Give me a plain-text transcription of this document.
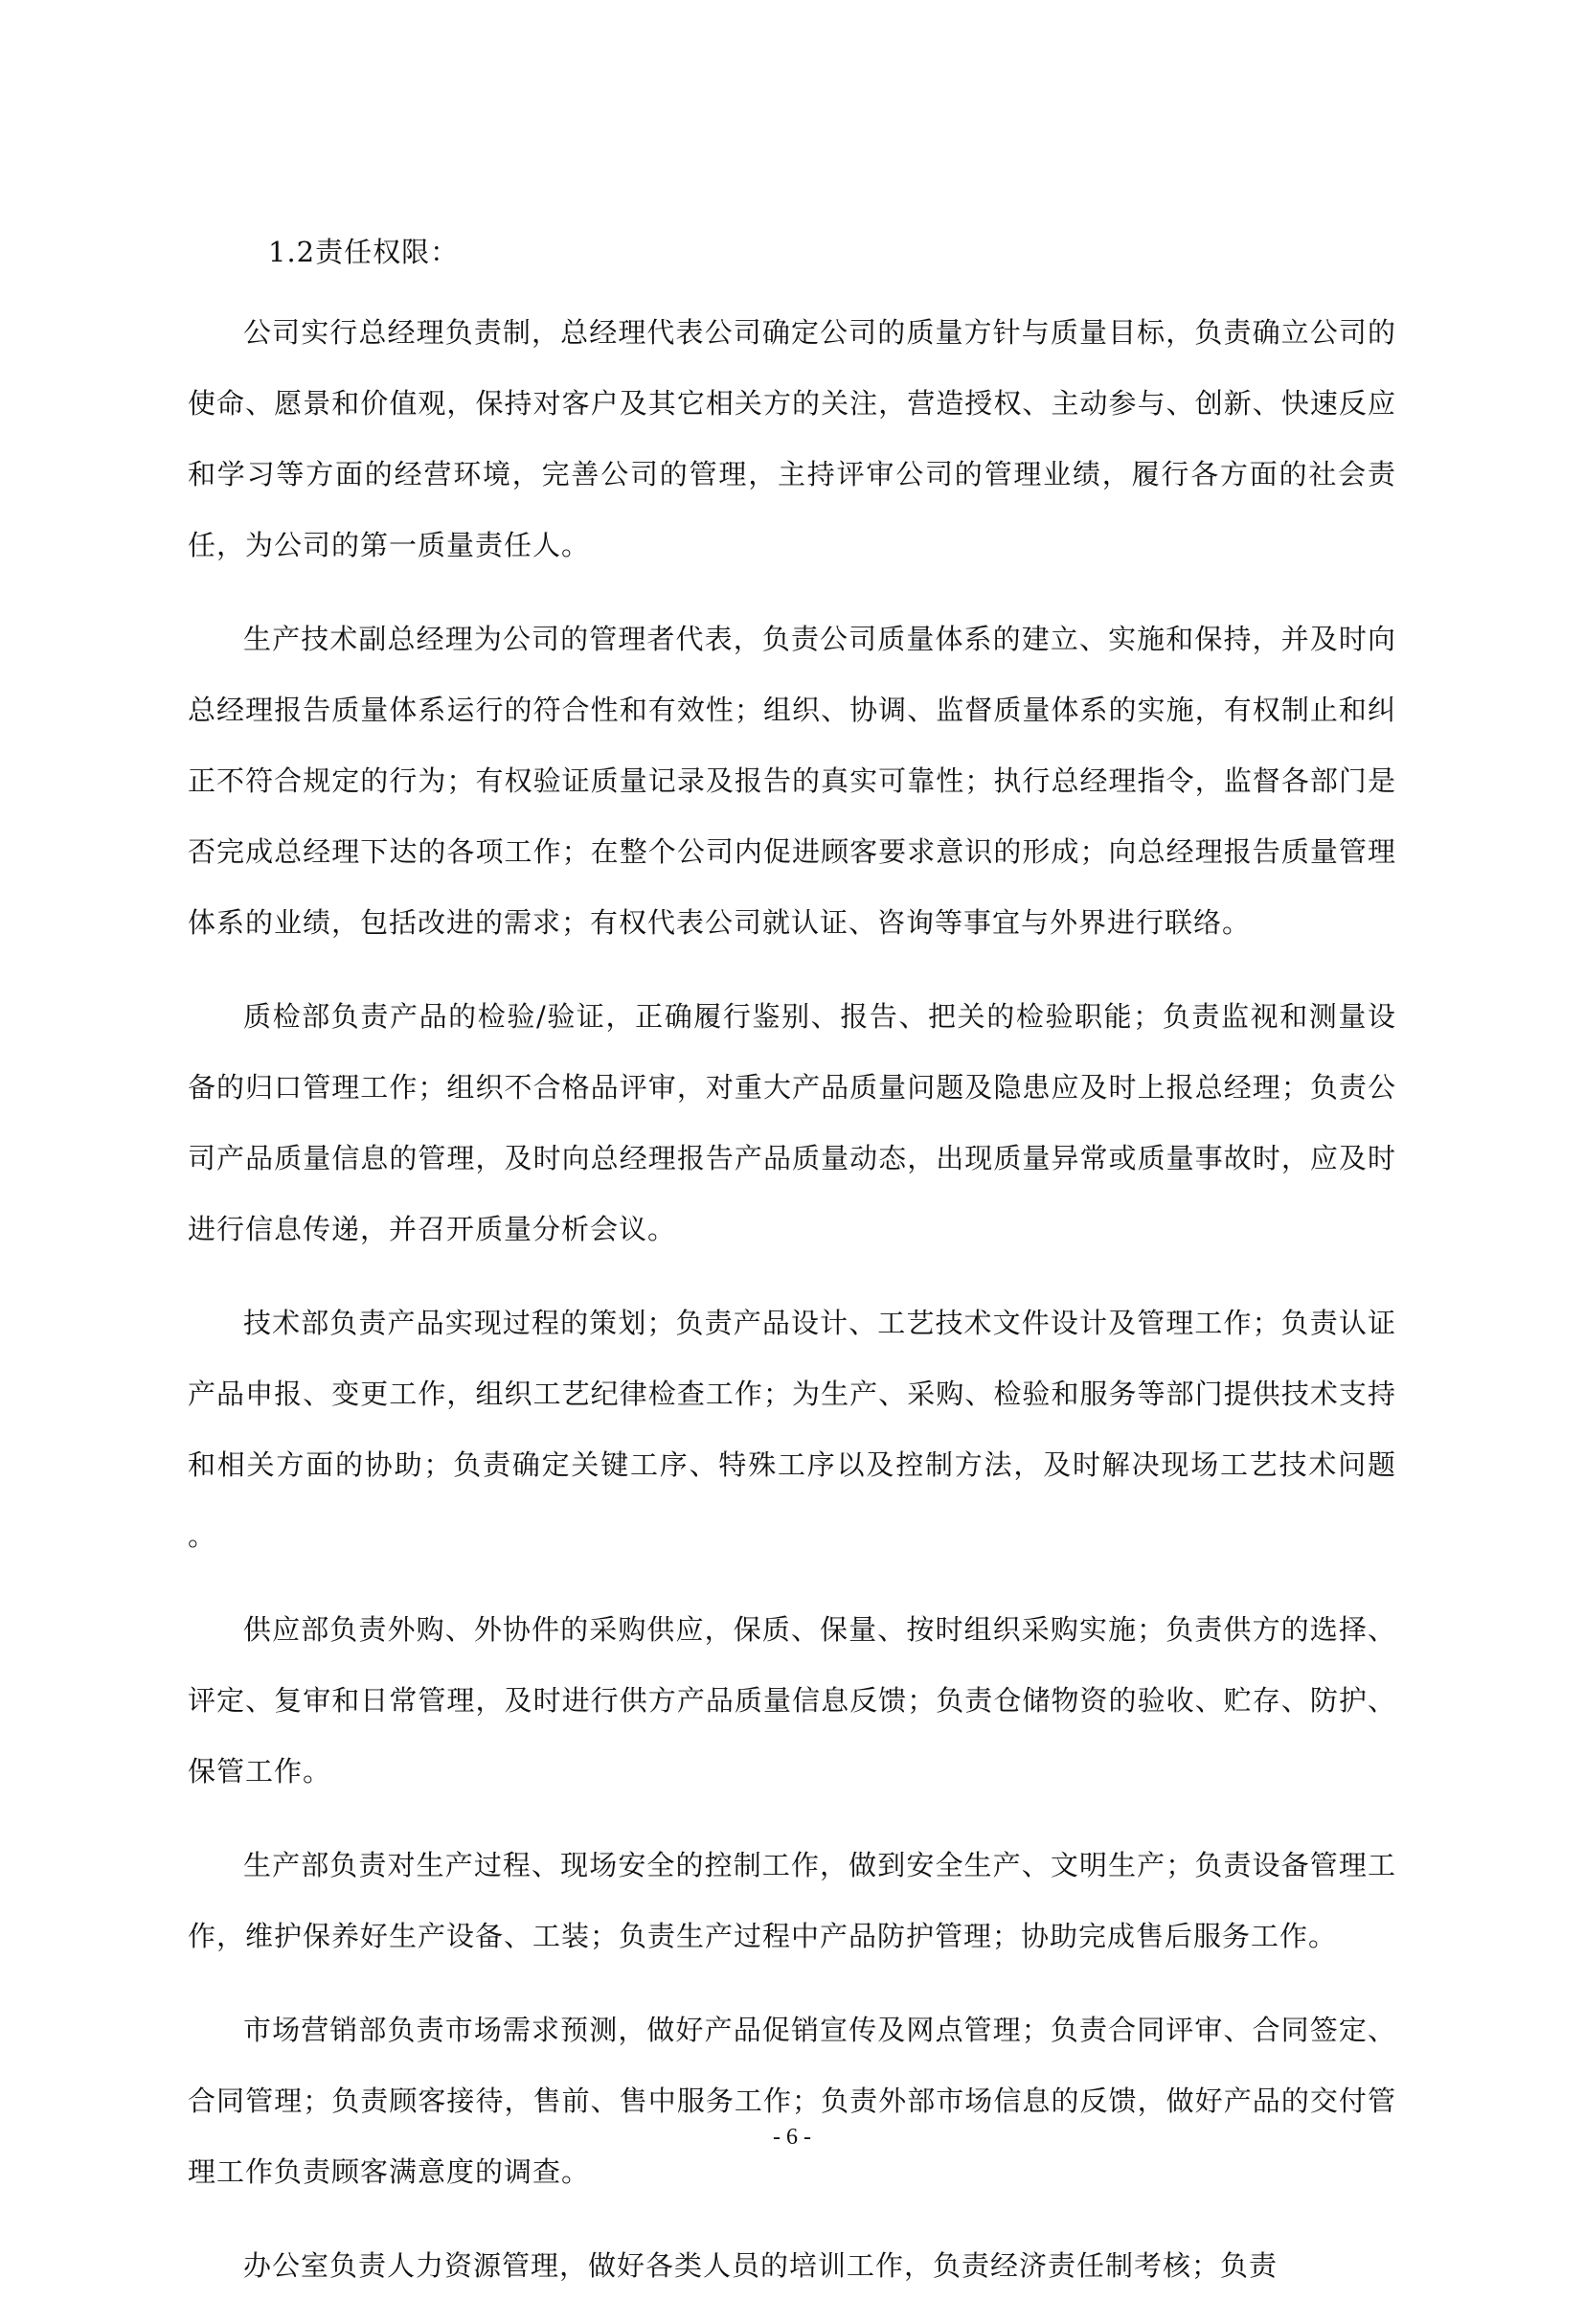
1.2责任权限：

公司实行总经理负责制，总经理代表公司确定公司的质量方针与质量目标，负责确立公司的使命、愿景和价值观，保持对客户及其它相关方的关注，营造授权、主动参与、创新、快速反应和学习等方面的经营环境，完善公司的管理，主持评审公司的管理业绩，履行各方面的社会责任，为公司的第一质量责任人。

生产技术副总经理为公司的管理者代表，负责公司质量体系的建立、实施和保持，并及时向总经理报告质量体系运行的符合性和有效性；组织、协调、监督质量体系的实施，有权制止和纠正不符合规定的行为；有权验证质量记录及报告的真实可靠性；执行总经理指令，监督各部门是否完成总经理下达的各项工作；在整个公司内促进顾客要求意识的形成；向总经理报告质量管理体系的业绩，包括改进的需求；有权代表公司就认证、咨询等事宜与外界进行联络。

质检部负责产品的检验/验证，正确履行鉴别、报告、把关的检验职能；负责监视和测量设备的归口管理工作；组织不合格品评审，对重大产品质量问题及隐患应及时上报总经理；负责公司产品质量信息的管理，及时向总经理报告产品质量动态，出现质量异常或质量事故时，应及时进行信息传递，并召开质量分析会议。

技术部负责产品实现过程的策划；负责产品设计、工艺技术文件设计及管理工作；负责认证产品申报、变更工作，组织工艺纪律检查工作；为生产、采购、检验和服务等部门提供技术支持和相关方面的协助；负责确定关键工序、特殊工序以及控制方法，及时解决现场工艺技术问题 。

供应部负责外购、外协件的采购供应，保质、保量、按时组织采购实施；负责供方的选择、评定、复审和日常管理，及时进行供方产品质量信息反馈；负责仓储物资的验收、贮存、防护、保管工作。

生产部负责对生产过程、现场安全的控制工作，做到安全生产、文明生产；负责设备管理工作，维护保养好生产设备、工装；负责生产过程中产品防护管理；协助完成售后服务工作。

市场营销部负责市场需求预测，做好产品促销宣传及网点管理；负责合同评审、合同签定、合同管理；负责顾客接待，售前、售中服务工作；负责外部市场信息的反馈，做好产品的交付管理工作负责顾客满意度的调查。

办公室负责人力资源管理，做好各类人员的培训工作，负责经济责任制考核；负责

- 6 -
